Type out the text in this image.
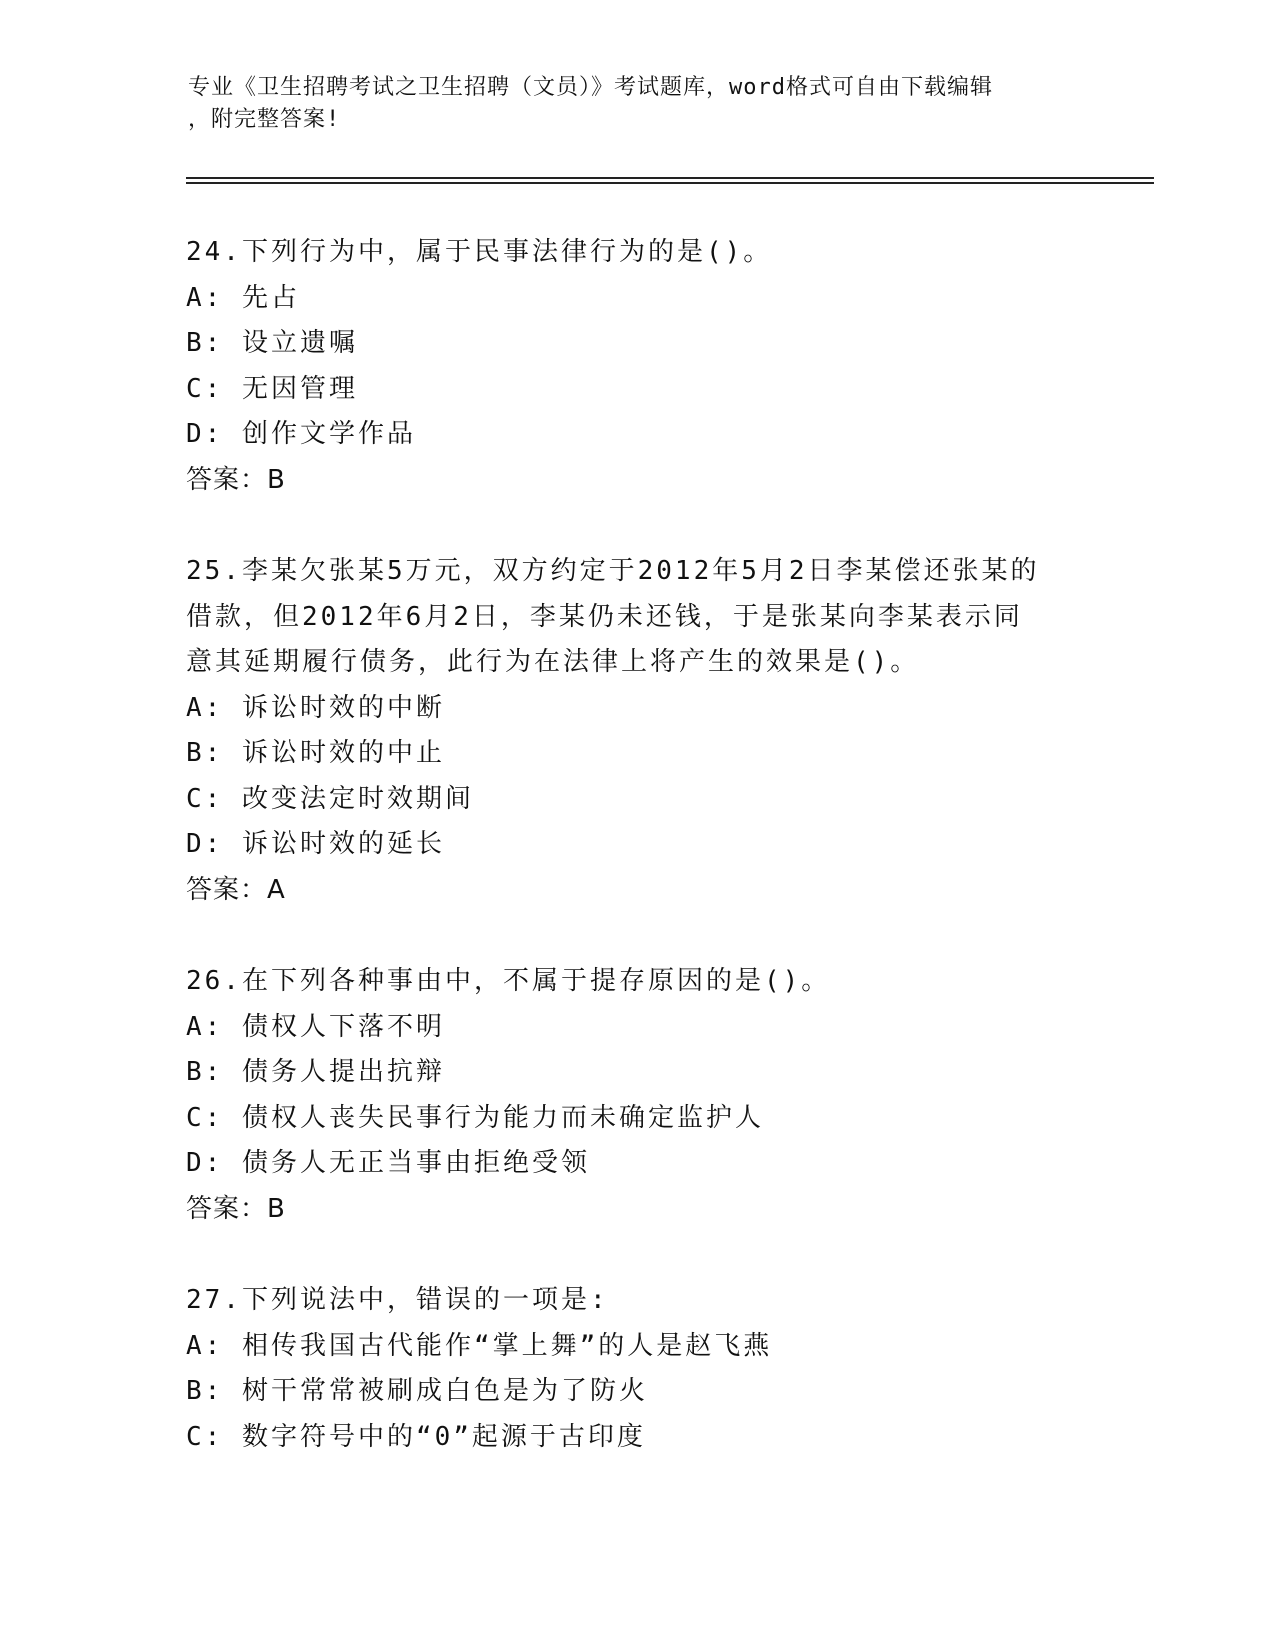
专业《卫生招聘考试之卫生招聘（文员）》考试题库，word格式可自由下载编辑
，附完整答案!
24.下列行为中，属于民事法律行为的是()。
A: 先占
B: 设立遗嘱
C: 无因管理
D: 创作文学作品
答案：B
25.李某欠张某5万元，双方约定于2012年5月2日李某偿还张某的借款，但2012年6月2日，李某仍未还钱，于是张某向李某表示同意其延期履行债务，此行为在法律上将产生的效果是()。
A: 诉讼时效的中断
B: 诉讼时效的中止
C: 改变法定时效期间
D: 诉讼时效的延长
答案：A
26.在下列各种事由中，不属于提存原因的是()。
A: 债权人下落不明
B: 债务人提出抗辩
C: 债权人丧失民事行为能力而未确定监护人
D: 债务人无正当事由拒绝受领
答案：B
27.下列说法中，错误的一项是:
A: 相传我国古代能作“掌上舞”的人是赵飞燕
B: 树干常常被刷成白色是为了防火
C: 数字符号中的“0”起源于古印度
